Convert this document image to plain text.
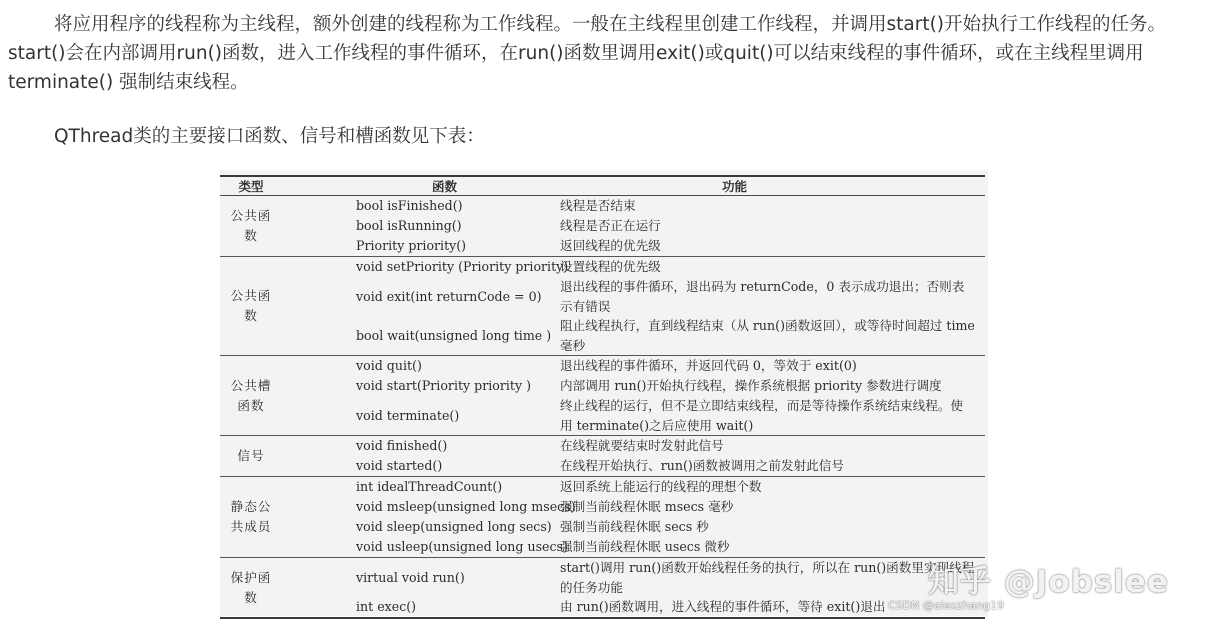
将应用程序的线程称为主线程，额外创建的线程称为工作线程。一般在主线程里创建工作线程，并调用start()开始执行工作线程的任务。start()会在内部调用run()函数，进入工作线程的事件循环，在run()函数里调用exit()或quit()可以结束线程的事件循环，或在主线程里调用terminate() 强制结束线程。

QThread类的主要接口函数、信号和槽函数见下表：

类型	函数	功能
公共函数	bool isFinished()	线程是否结束
	bool isRunning()	线程是否正在运行
	Priority priority()	返回线程的优先级
公共函数	void setPriority (Priority priority)	设置线程的优先级
	void exit(int returnCode = 0)	退出线程的事件循环，退出码为 returnCode，0 表示成功退出；否则表示有错误
	bool wait(unsigned long time )	阻止线程执行，直到线程结束（从 run()函数返回），或等待时间超过 time 毫秒
公共槽函数	void quit()	退出线程的事件循环，并返回代码 0，等效于 exit(0)
	void start(Priority priority )	内部调用 run()开始执行线程，操作系统根据 priority 参数进行调度
	void terminate()	终止线程的运行，但不是立即结束线程，而是等待操作系统结束线程。使用 terminate()之后应使用 wait()
信号	void finished()	在线程就要结束时发射此信号
	void started()	在线程开始执行、run()函数被调用之前发射此信号
静态公共成员	int idealThreadCount()	返回系统上能运行的线程的理想个数
	void msleep(unsigned long msecs)	强制当前线程休眠 msecs 毫秒
	void sleep(unsigned long secs)	强制当前线程休眠 secs 秒
	void usleep(unsigned long usecs)	强制当前线程休眠 usecs 微秒
保护函数	virtual void run()	start()调用 run()函数开始线程任务的执行，所以在 run()函数里实现线程的任务功能
	int exec()	由 run()函数调用，进入线程的事件循环，等待 exit()退出
知乎 @Jobslee
CSDN @alexzhang19
